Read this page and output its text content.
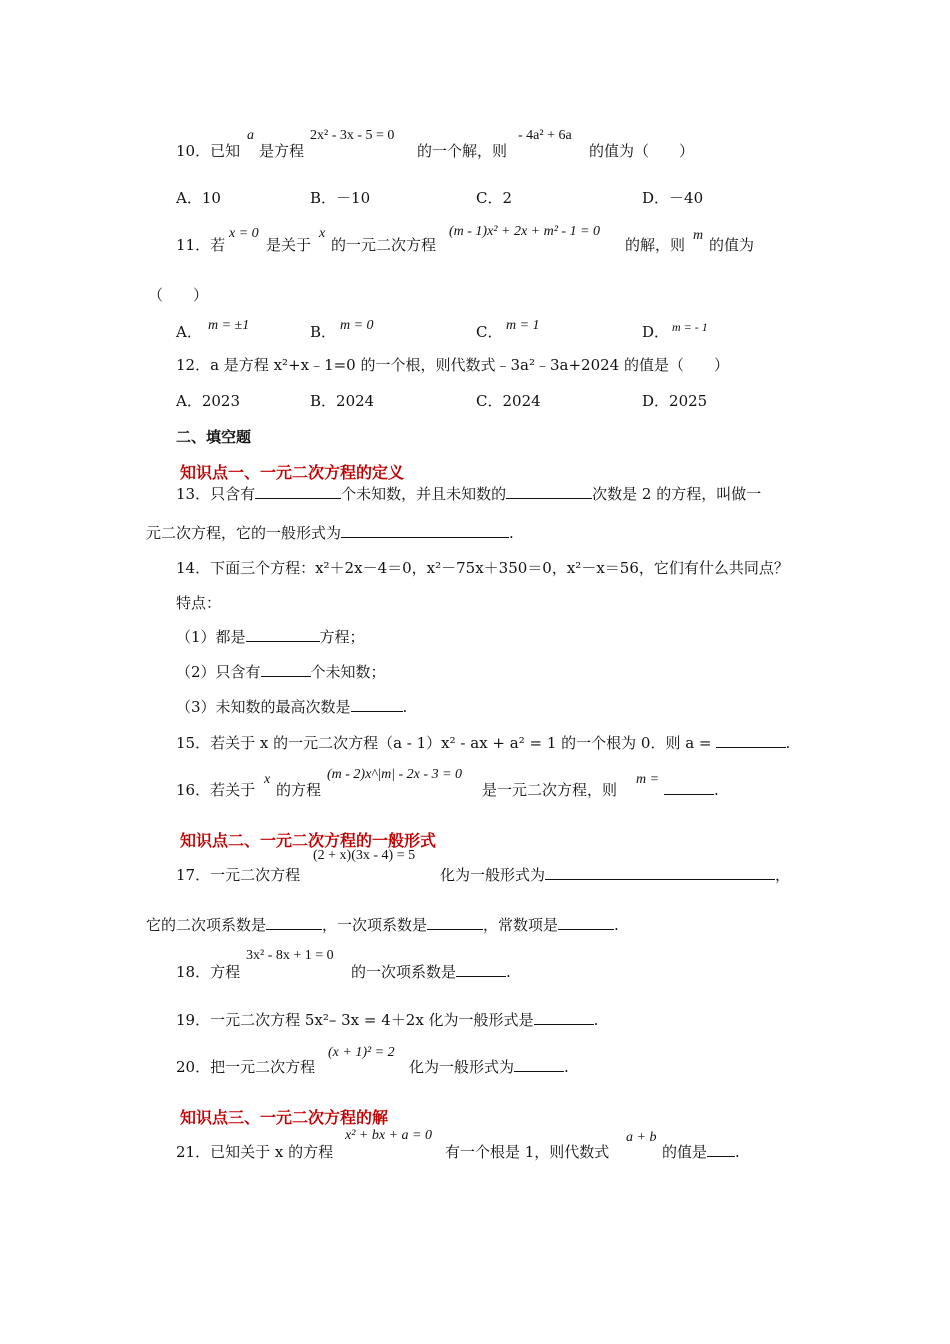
10．已知
a
是方程
2x² - 3x - 5 = 0
的一个解，则
- 4a² + 6a
的值为（　　）
A．10	B．－10	C．2	D．－40
11．若
x = 0
是关于
x
的一元二次方程
(m - 1)x² + 2x + m² - 1 = 0
的解，则
m
的值为
（　　）
A． m = ±1	B． m = 0	C． m = 1	D． m = - 1
12．a 是方程 x²+x﹣1=0 的一个根，则代数式﹣3a²﹣3a+2024 的值是（　　）
A．2023	B．2024	C．2024	D．2025
二、填空题
知识点一、一元二次方程的定义
13．只含有	个未知数，并且未知数的	次数是 2 的方程，叫做一
元二次方程，它的一般形式为	.
14．下面三个方程：x²＋2x－4＝0，x²－75x＋350＝0，x²－x＝56，它们有什么共同点？
特点：
（1）都是	方程；
（2）只含有	个未知数；
（3）未知数的最高次数是	.
15．若关于 x 的一元二次方程（a - 1）x² - ax + a² = 1 的一个根为 0．则 a =	.
16．若关于
x
的方程
(m - 2)x^|m| - 2x - 3 = 0
是一元二次方程，则
m =
.
知识点二、一元二次方程的一般形式
17．一元二次方程
(2 + x)(3x - 4) = 5
化为一般形式为	，
它的二次项系数是	，一次项系数是	，常数项是	.
18．方程
3x² - 8x + 1 = 0
的一次项系数是	.
19．一元二次方程 5x²– 3x = 4＋2x 化为一般形式是	.
20．把一元二次方程
(x + 1)² = 2
化为一般形式为	.
知识点三、一元二次方程的解
21．已知关于 x 的方程
x² + bx + a = 0
有一个根是 1，则代数式
a + b
的值是 .
